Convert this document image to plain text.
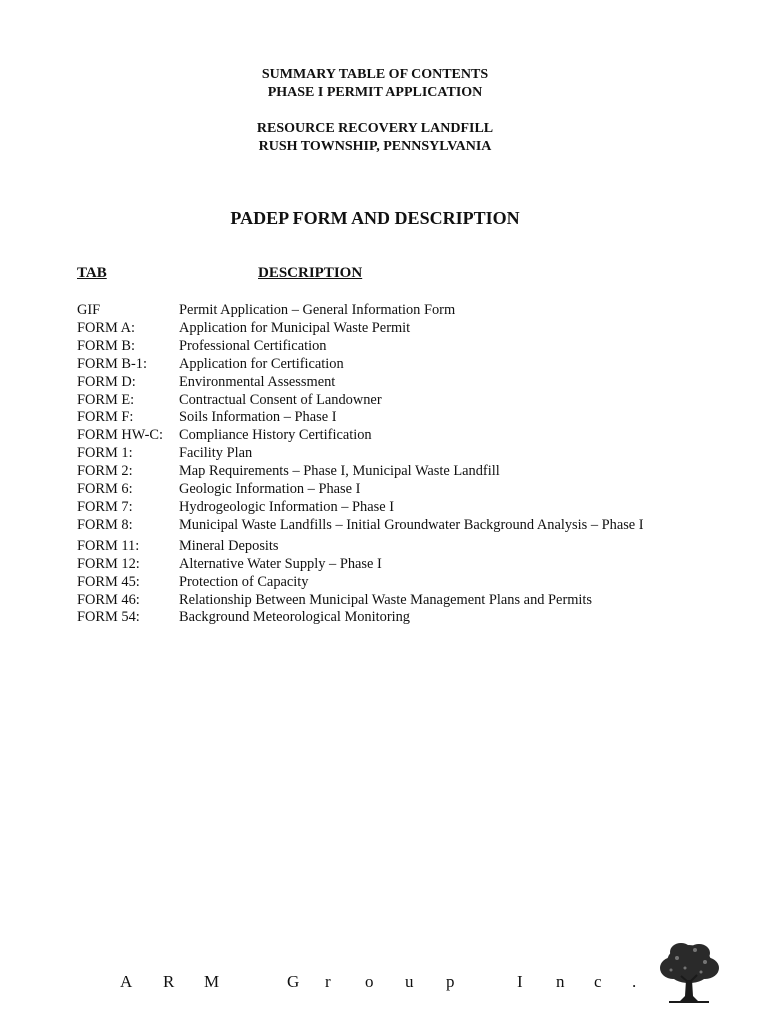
SUMMARY TABLE OF CONTENTS
PHASE I PERMIT APPLICATION
RESOURCE RECOVERY LANDFILL
RUSH TOWNSHIP, PENNSYLVANIA
PADEP FORM AND DESCRIPTION
TAB	DESCRIPTION
GIF	Permit Application – General Information Form
FORM A:	Application for Municipal Waste Permit
FORM B:	Professional Certification
FORM B-1:	Application for Certification
FORM D:	Environmental Assessment
FORM E:	Contractual Consent of Landowner
FORM F:	Soils Information – Phase I
FORM HW-C:	Compliance History Certification
FORM 1:	Facility Plan
FORM 2:	Map Requirements – Phase I, Municipal Waste Landfill
FORM 6:	Geologic Information – Phase I
FORM 7:	Hydrogeologic Information – Phase I
FORM 8:	Municipal Waste Landfills – Initial Groundwater Background Analysis – Phase I
FORM 11:	Mineral Deposits
FORM 12:	Alternative Water Supply – Phase I
FORM 45:	Protection of Capacity
FORM 46:	Relationship Between Municipal Waste Management Plans and Permits
FORM 54:	Background Meteorological Monitoring
A R M	G r o u p	I n c .
